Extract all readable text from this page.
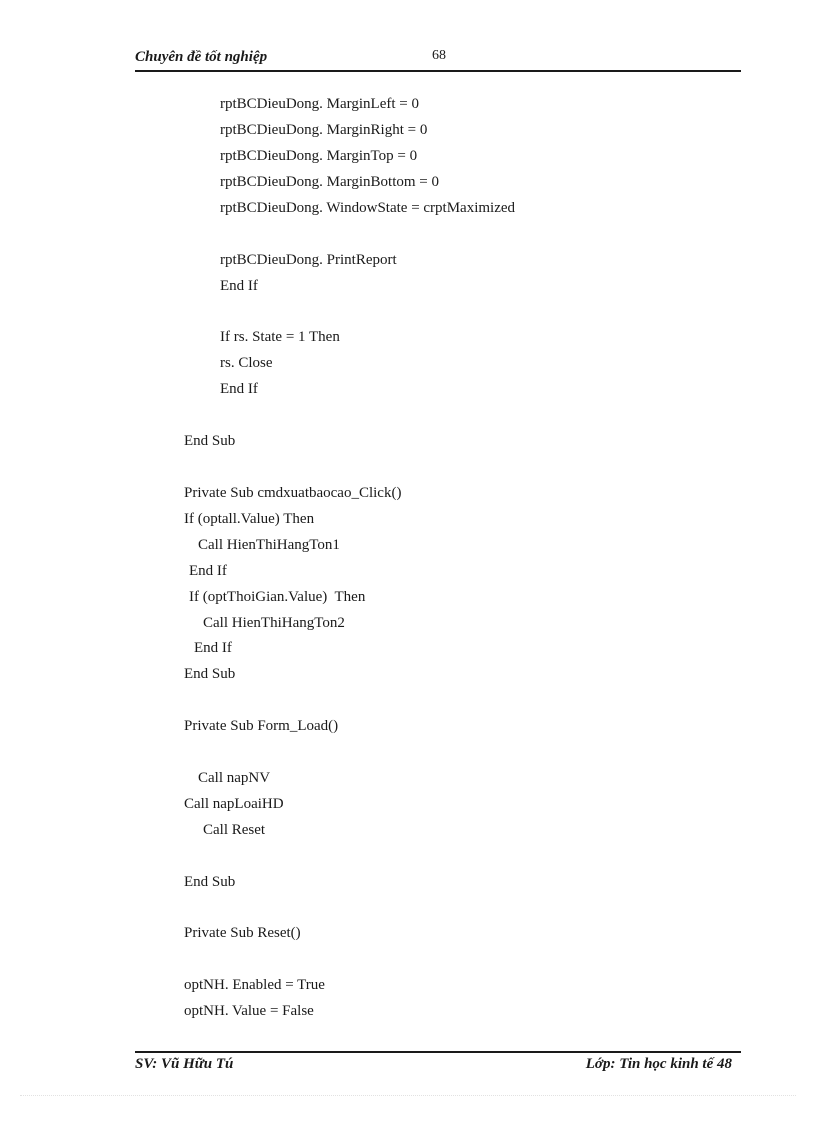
Chuyên đề tốt nghiệp	68
rptBCDieuDong. MarginLeft = 0
rptBCDieuDong. MarginRight = 0
rptBCDieuDong. MarginTop = 0
rptBCDieuDong. MarginBottom = 0
rptBCDieuDong. WindowState = crptMaximized
rptBCDieuDong. PrintReport
End If
If rs. State = 1 Then
rs. Close
End If
End Sub
Private Sub cmdxuatbaocao_Click()
If (optall.Value) Then
Call HienThiHangTon1
End If
If (optThoiGian.Value)  Then
Call HienThiHangTon2
End If
End Sub
Private Sub Form_Load()
Call napNV
Call napLoaiHD
Call Reset
End Sub
Private Sub Reset()
optNH. Enabled = True
optNH. Value = False
SV: Vũ Hữu Tú	Lớp: Tin học kinh tế 48
